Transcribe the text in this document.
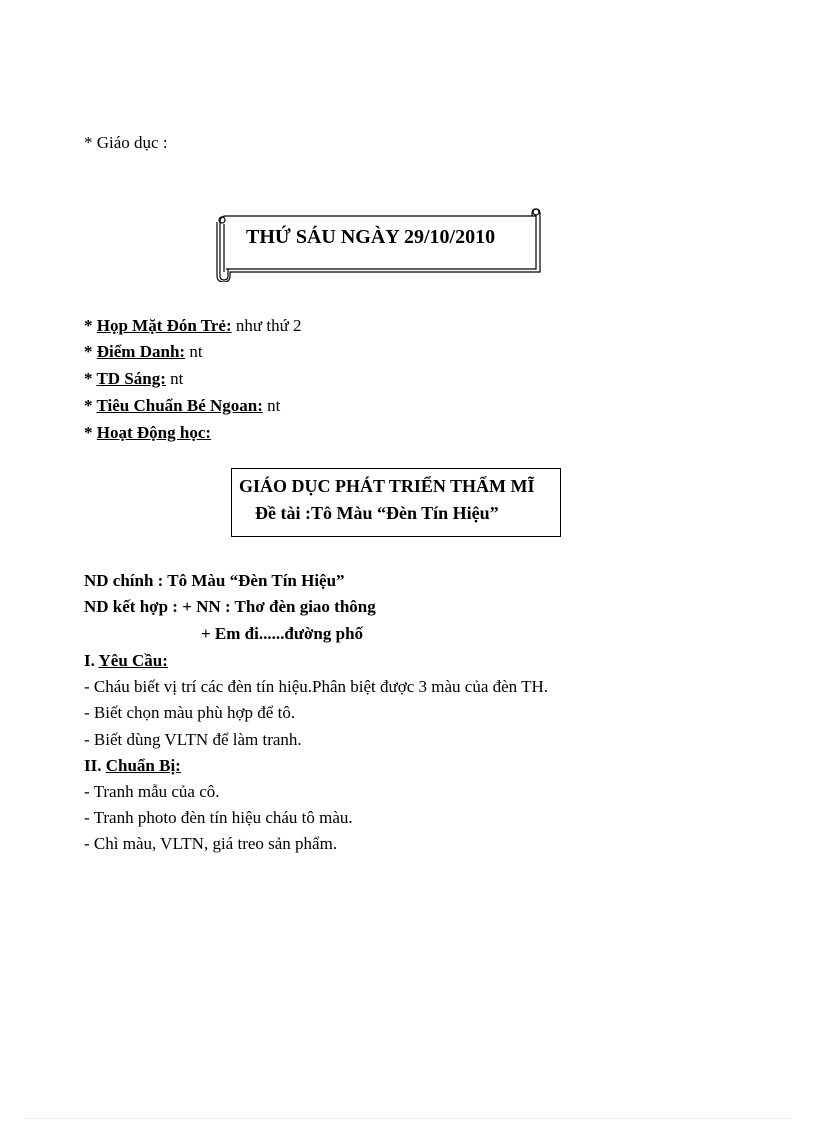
* Giáo dục :
THỨ SÁU NGÀY 29/10/2010
* Họp Mặt Đón Trẻ: như thứ 2
* Điểm Danh: nt
* TD Sáng: nt
* Tiêu Chuẩn Bé Ngoan: nt
* Hoạt Động học:
GIÁO DỤC PHÁT TRIỂN THẨM MĨ
Đề tài :Tô Màu “Đèn Tín Hiệu”
ND chính : Tô Màu “Đèn Tín Hiệu”
ND kết hợp : + NN : Thơ đèn giao thông
+ Em đi......đường phố
I. Yêu Cầu:
- Cháu biết vị trí các đèn tín hiệu.Phân biệt được 3 màu của đèn TH.
- Biết chọn màu phù hợp để tô.
- Biết dùng VLTN để làm tranh.
II. Chuẩn Bị:
- Tranh mẫu của cô.
- Tranh photo đèn tín hiệu cháu tô màu.
- Chì màu, VLTN, giá treo sản phẩm.
